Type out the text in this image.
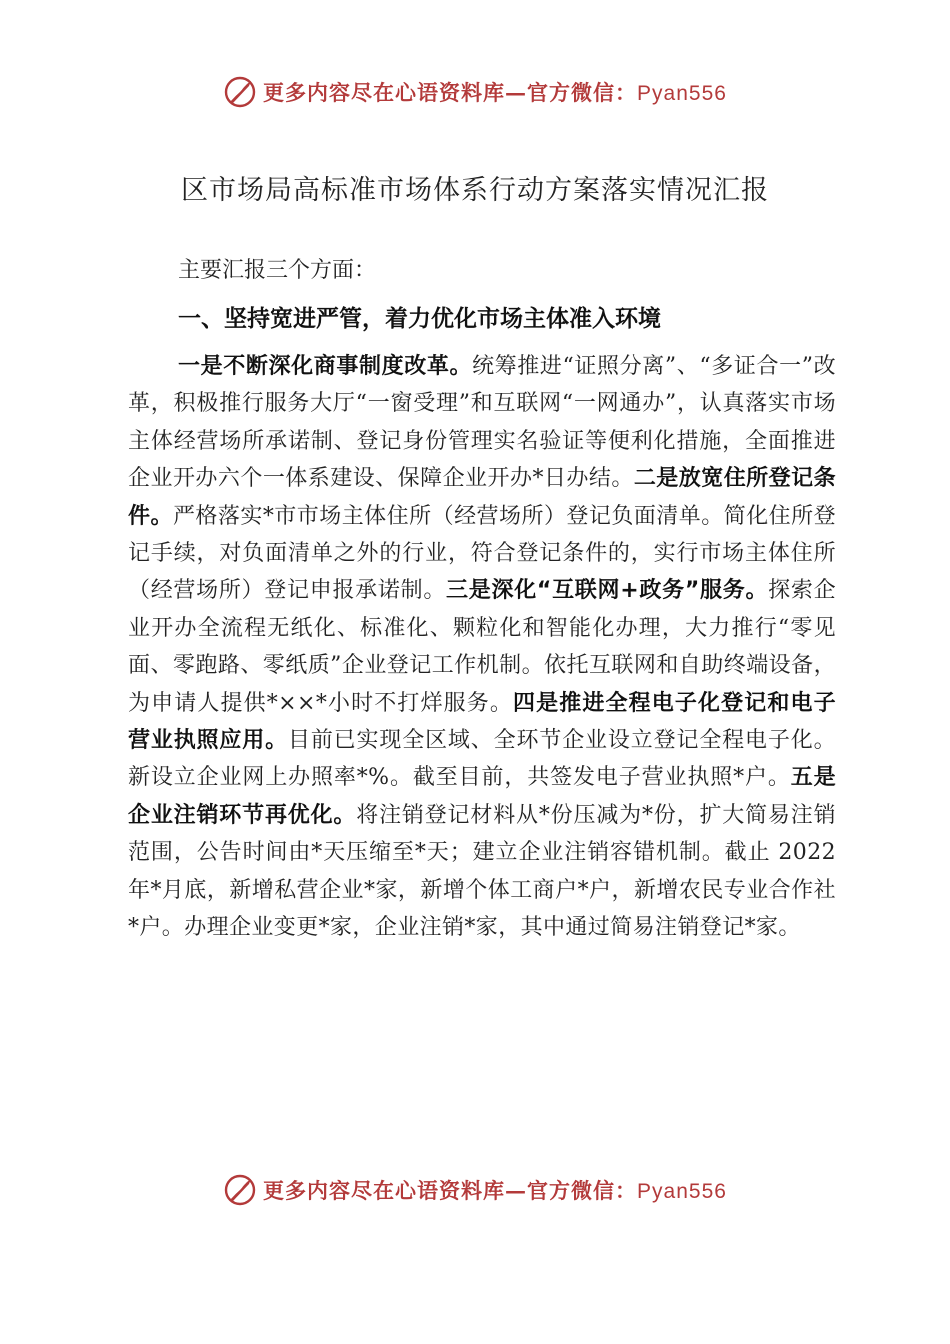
更多内容尽在心语资料库—官方微信：Pyan556
区市场局高标准市场体系行动方案落实情况汇报

主要汇报三个方面：

一、坚持宽进严管，着力优化市场主体准入环境

一是不断深化商事制度改革。统筹推进“证照分离”、“多证合一”改革，积极推行服务大厅“一窗受理”和互联网“一网通办”，认真落实市场主体经营场所承诺制、登记身份管理实名验证等便利化措施，全面推进企业开办六个一体系建设、保障企业开办*日办结。二是放宽住所登记条件。严格落实*市市场主体住所（经营场所）登记负面清单。简化住所登记手续，对负面清单之外的行业，符合登记条件的，实行市场主体住所（经营场所）登记申报承诺制。三是深化“互联网+政务”服务。探索企业开办全流程无纸化、标准化、颗粒化和智能化办理，大力推行“零见面、零跑路、零纸质”企业登记工作机制。依托互联网和自助终端设备，为申请人提供*××*小时不打烊服务。四是推进全程电子化登记和电子营业执照应用。目前已实现全区域、全环节企业设立登记全程电子化。新设立企业网上办照率*%。截至目前，共签发电子营业执照*户。五是企业注销环节再优化。将注销登记材料从*份压减为*份，扩大简易注销范围，公告时间由*天压缩至*天；建立企业注销容错机制。截止 2022 年*月底，新增私营企业*家，新增个体工商户*户，新增农民专业合作社*户。办理企业变更*家，企业注销*家，其中通过简易注销登记*家。

更多内容尽在心语资料库—官方微信：Pyan556
